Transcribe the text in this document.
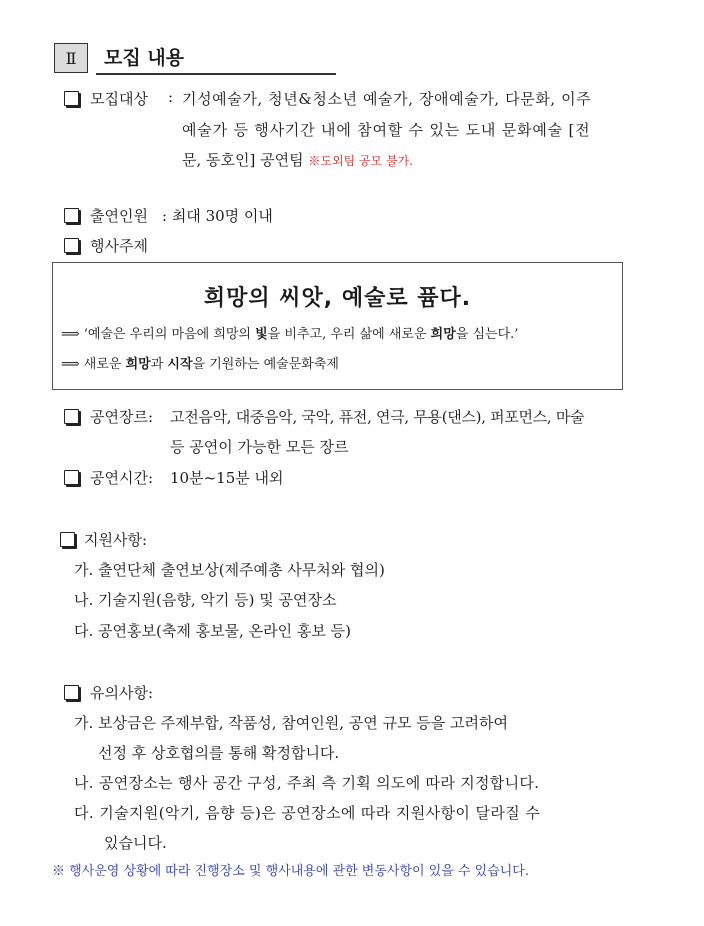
Ⅱ 모집 내용
모집대상 : 기성예술가, 청년&청소년 예술가, 장애예술가, 다문화, 이주
예술가 등 행사기간 내에 참여할 수 있는 도내 문화예술 [전
문, 동호인] 공연팀 ※도외팀 공모 불가.
출연인원 : 최대 30명 이내
행사주제
희망의 씨앗, 예술로 퓸다.
⟹ ‘예술은 우리의 마음에 희망의 빛을 비추고, 우리 삶에 새로운 희망을 심는다.’
⟹ 새로운 희망과 시작을 기원하는 예술문화축제
공연장르: 고전음악, 대중음악, 국악, 퓨전, 연극, 무용(댄스), 퍼포먼스, 마술
등 공연이 가능한 모든 장르
공연시간: 10분~15분 내외
지원사항:
가. 출연단체 출연보상(제주예총 사무처와 협의)
나. 기술지원(음향, 악기 등) 및 공연장소
다. 공연홍보(축제 홍보물, 온라인 홍보 등)
유의사항:
가. 보상금은 주제부합, 작품성, 참여인원, 공연 규모 등을 고려하여
선정 후 상호협의를 통해 확정합니다.
나. 공연장소는 행사 공간 구성, 주최 측 기획 의도에 따라 지정합니다.
다. 기술지원(악기, 음향 등)은 공연장소에 따라 지원사항이 달라질 수
있습니다.
※ 행사운영 상황에 따라 진행장소 및 행사내용에 관한 변동사항이 있을 수 있습니다.
